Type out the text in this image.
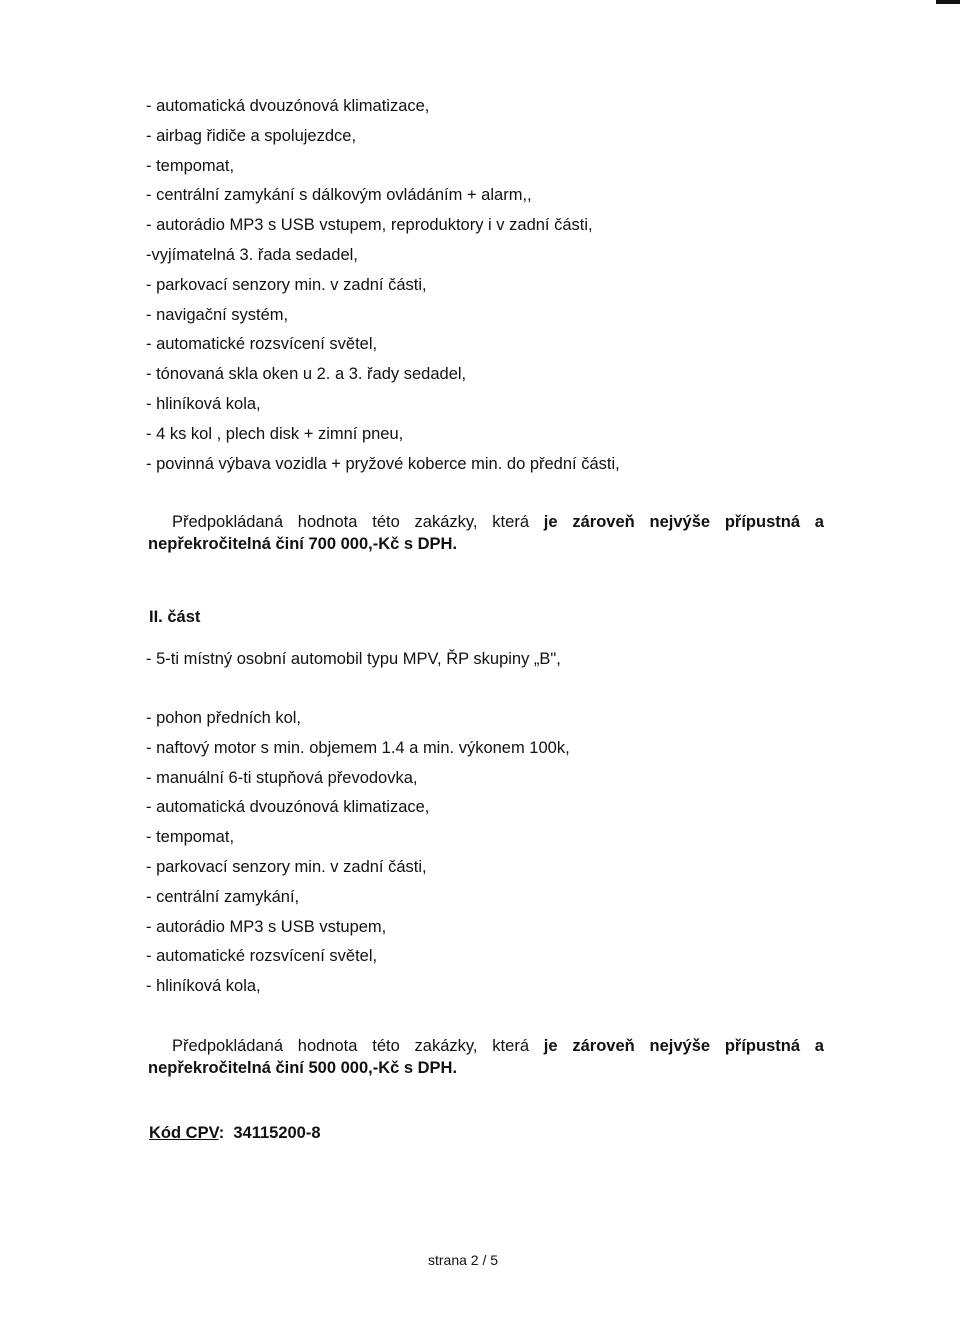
- automatická dvouzónová klimatizace,
- airbag řidiče a spolujezdce,
- tempomat,
- centrální zamykání s dálkovým ovládáním + alarm,,
- autorádio MP3 s USB vstupem, reproduktory i v zadní části,
-vyjímatelná 3. řada sedadel,
- parkovací senzory min. v zadní části,
- navigační systém,
- automatické rozsvícení světel,
- tónovaná skla oken u 2. a 3. řady sedadel,
- hliníková kola,
- 4 ks kol , plech disk + zimní pneu,
- povinná výbava vozidla + pryžové koberce min. do přední části,

Předpokládaná hodnota této zakázky, která je zároveň nejvýše přípustná a
nepřekročitelná činí 700 000,-Kč s DPH.

II. část

- 5-ti místný osobní automobil typu MPV, ŘP skupiny „B",

- pohon předních kol,
- naftový motor s min. objemem 1.4 a min. výkonem 100k,
- manuální 6-ti stupňová převodovka,
- automatická dvouzónová klimatizace,
- tempomat,
- parkovací senzory min. v zadní části,
- centrální zamykání,
- autorádio MP3 s USB vstupem,
- automatické rozsvícení světel,
- hliníková kola,

Předpokládaná hodnota této zakázky, která je zároveň nejvýše přípustná a
nepřekročitelná činí 500 000,-Kč s DPH.

Kód CPV: 34115200-8

strana 2 / 5
